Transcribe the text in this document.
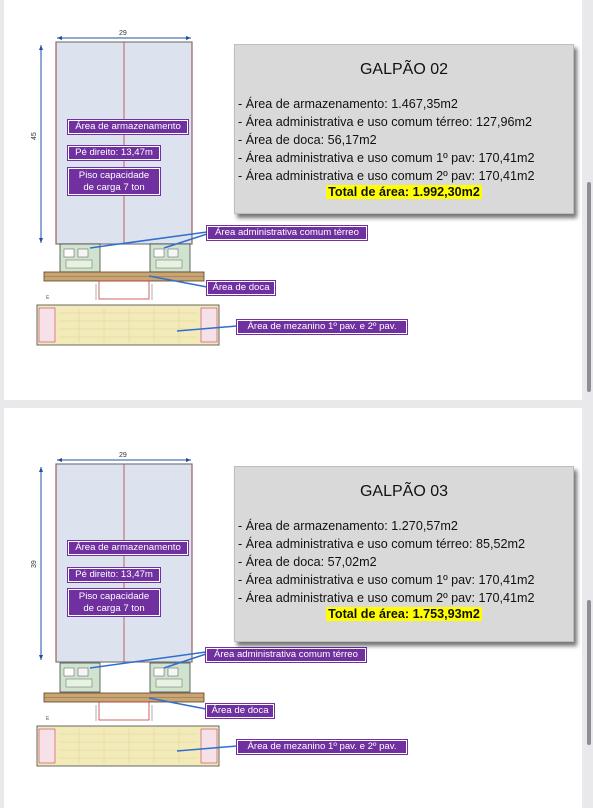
29
45
E
Área de armazenamento
Pé direito: 13,47m
Piso capacidade de carga 7 ton
Área administrativa comum térreo
Área de doca
Área de mezanino 1º pav. e 2º pav.
GALPÃO 02
- Área de armazenamento: 1.467,35m2
- Área administrativa e uso comum térreo: 127,96m2
- Área de doca: 56,17m2
- Área administrativa e uso comum 1º pav: 170,41m2
- Área administrativa e uso comum 2º pav: 170,41m2
Total de área: 1.992,30m2
29
39
E
Área de armazenamento
Pé direito: 13,47m
Piso capacidade de carga 7 ton
Área administrativa comum térreo
Área de doca
Área de mezanino 1º pav. e 2º pav.
GALPÃO 03
- Área de armazenamento: 1.270,57m2
- Área administrativa e uso comum térreo: 85,52m2
- Área de doca: 57,02m2
- Área administrativa e uso comum 1º pav: 170,41m2
- Área administrativa e uso comum 2º pav: 170,41m2
Total de área: 1.753,93m2
